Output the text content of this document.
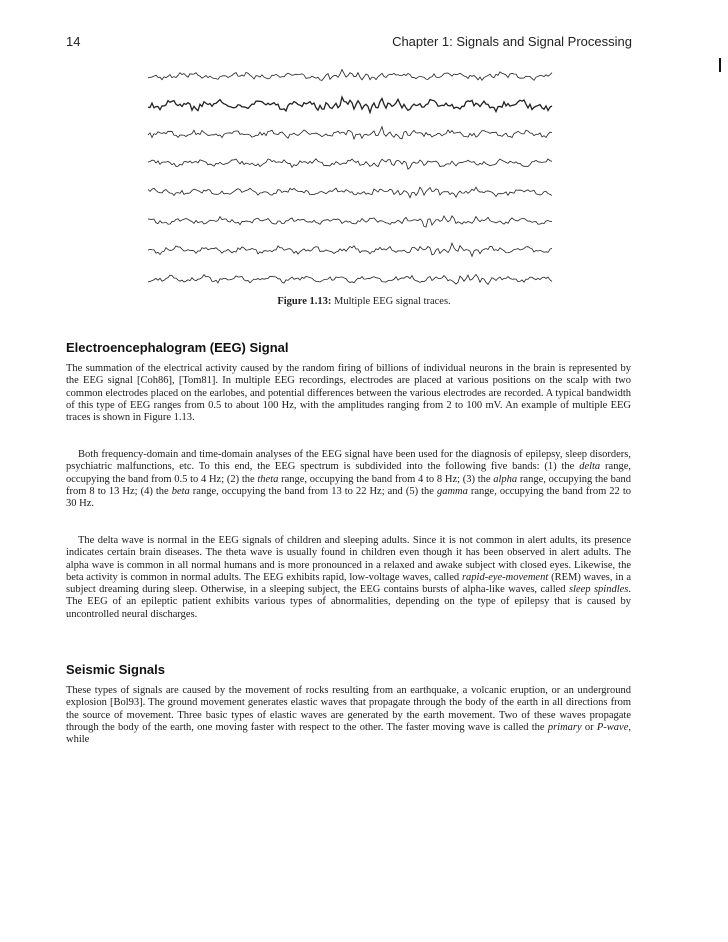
14	Chapter 1: Signals and Signal Processing
Figure 1.13: Multiple EEG signal traces.
Electroencephalogram (EEG) Signal

The summation of the electrical activity caused by the random firing of billions of individual neurons in the brain is represented by the EEG signal [Coh86], [Tom81]. In multiple EEG recordings, electrodes are placed at various positions on the scalp with two common electrodes placed on the earlobes, and potential differences between the various electrodes are recorded. A typical bandwidth of this type of EEG ranges from 0.5 to about 100 Hz, with the amplitudes ranging from 2 to 100 mV. An example of multiple EEG traces is shown in Figure 1.13.

Both frequency-domain and time-domain analyses of the EEG signal have been used for the diagnosis of epilepsy, sleep disorders, psychiatric malfunctions, etc. To this end, the EEG spectrum is subdivided into the following five bands: (1) the delta range, occupying the band from 0.5 to 4 Hz; (2) the theta range, occupying the band from 4 to 8 Hz; (3) the alpha range, occupying the band from 8 to 13 Hz; (4) the beta range, occupying the band from 13 to 22 Hz; and (5) the gamma range, occupying the band from 22 to 30 Hz.

The delta wave is normal in the EEG signals of children and sleeping adults. Since it is not common in alert adults, its presence indicates certain brain diseases. The theta wave is usually found in children even though it has been observed in alert adults. The alpha wave is common in all normal humans and is more pronounced in a relaxed and awake subject with closed eyes. Likewise, the beta activity is common in normal adults. The EEG exhibits rapid, low-voltage waves, called rapid-eye-movement (REM) waves, in a subject dreaming during sleep. Otherwise, in a sleeping subject, the EEG contains bursts of alpha-like waves, called sleep spindles. The EEG of an epileptic patient exhibits various types of abnormalities, depending on the type of epilepsy that is caused by uncontrolled neural discharges.

Seismic Signals

These types of signals are caused by the movement of rocks resulting from an earthquake, a volcanic eruption, or an underground explosion [Bol93]. The ground movement generates elastic waves that propagate through the body of the earth in all directions from the source of movement. Three basic types of elastic waves are generated by the earth movement. Two of these waves propagate through the body of the earth, one moving faster with respect to the other. The faster moving wave is called the primary or P-wave, while
